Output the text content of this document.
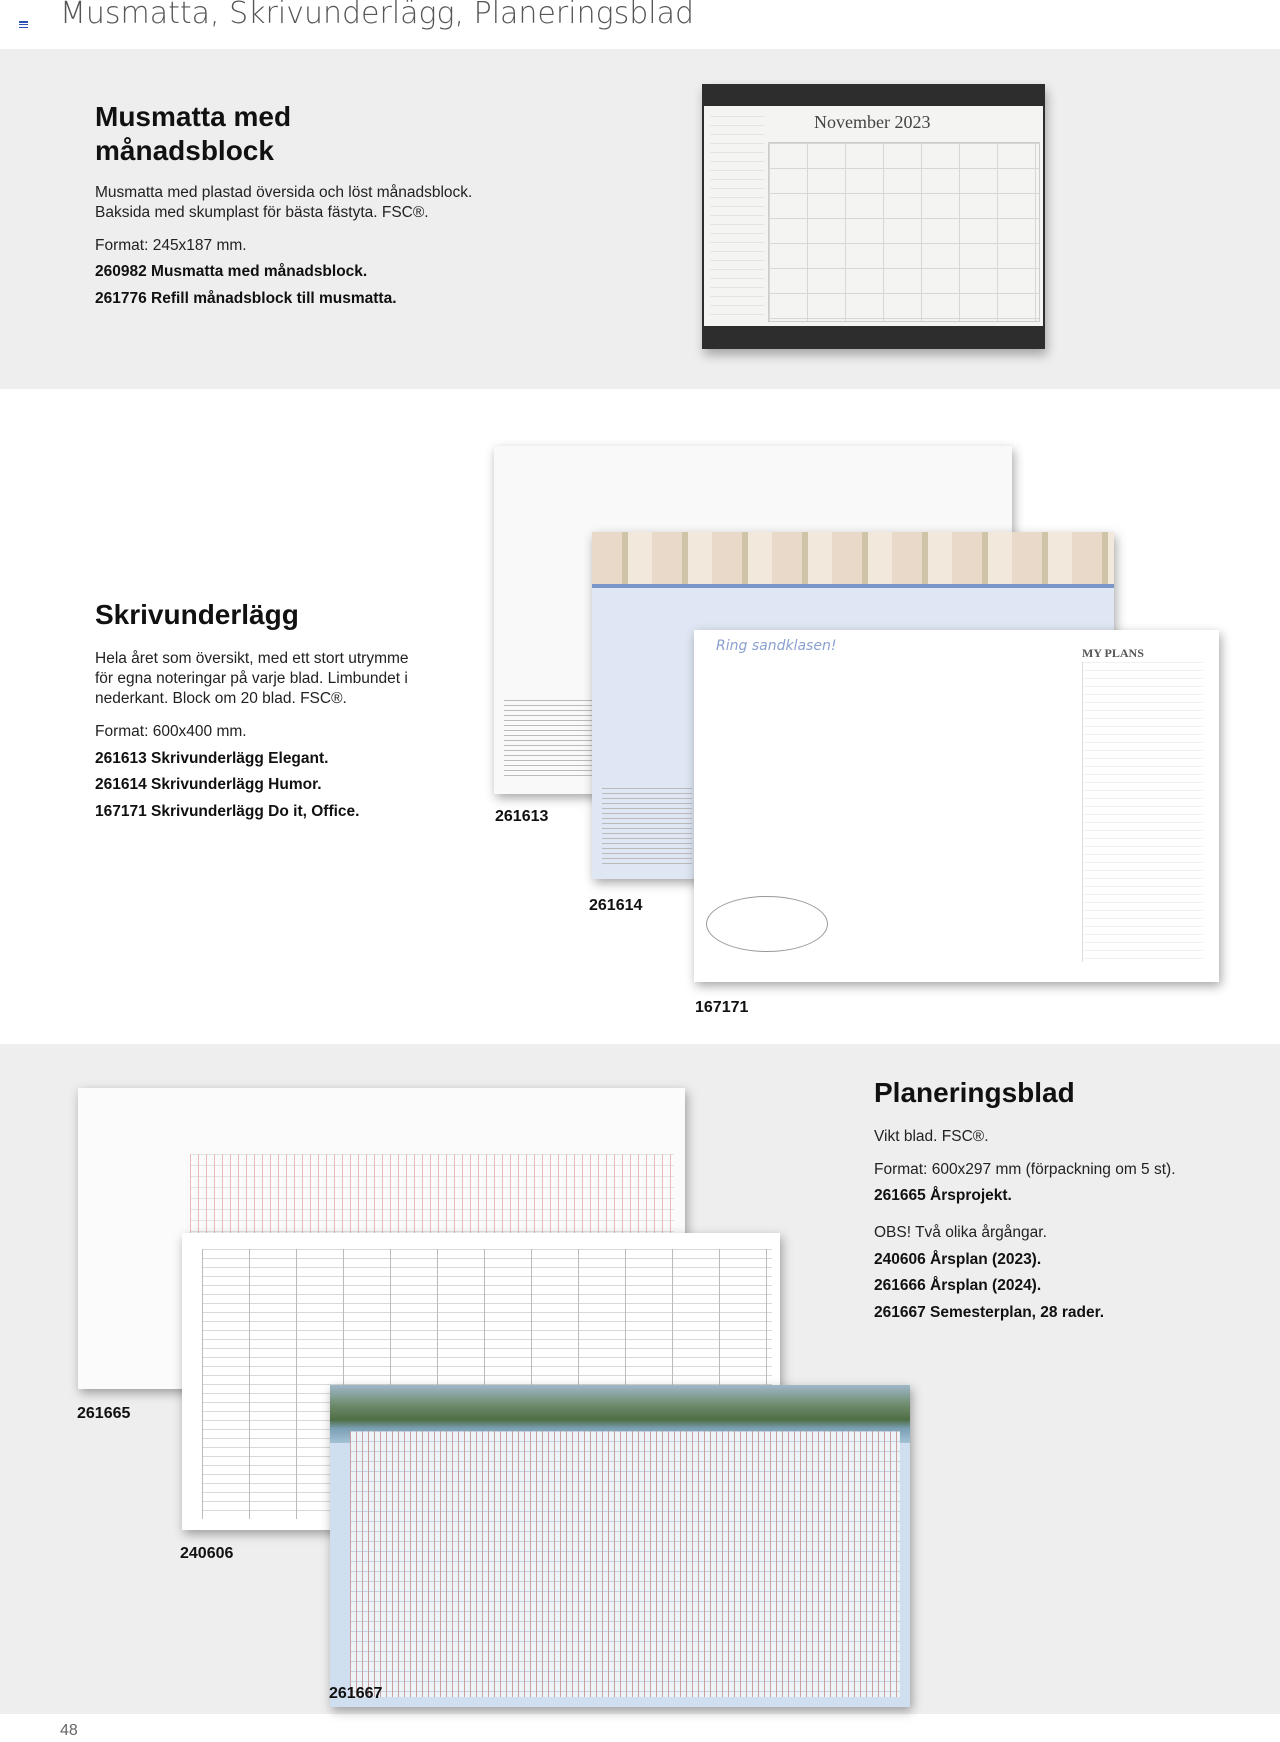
Musmatta, Skrivunderlägg, Planeringsblad
Musmatta med månadsblock
Musmatta med plastad översida och löst månadsblock. Baksida med skumplast för bästa fästyta. FSC®.
Format: 245x187 mm.
260982 Musmatta med månadsblock.
261776 Refill månadsblock till musmatta.
November 2023
Skrivunderlägg
Hela året som översikt, med ett stort utrymme för egna noteringar på varje blad. Limbundet i nederkant. Block om 20 blad. FSC®.
Format: 600x400 mm.
261613 Skrivunderlägg Elegant.
261614 Skrivunderlägg Humor.
167171 Skrivunderlägg Do it, Office.
Ring sandklasen!	MY PLANS
261613
261614
167171
Planeringsblad
Vikt blad. FSC®.
Format: 600x297 mm (förpackning om 5 st).
261665 Årsprojekt.
OBS! Två olika årgångar.
240606 Årsplan (2023).
261666 Årsplan (2024).
261667 Semesterplan, 28 rader.
261665
240606
261667
48
